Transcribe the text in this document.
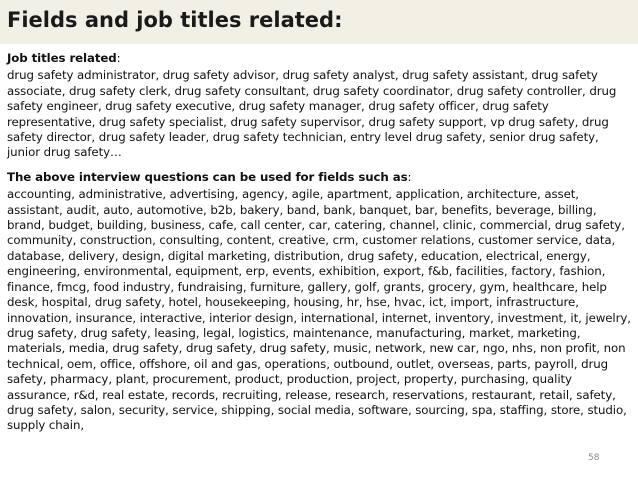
Fields and job titles related:
Job titles related:
drug safety administrator, drug safety advisor, drug safety analyst, drug safety assistant, drug safety associate, drug safety clerk, drug safety consultant, drug safety coordinator, drug safety controller, drug safety engineer, drug safety executive, drug safety manager, drug safety officer, drug safety representative, drug safety specialist, drug safety supervisor, drug safety support, vp drug safety, drug safety director, drug safety leader, drug safety technician, entry level drug safety, senior drug safety, junior drug safety…
The above interview questions can be used for fields such as:
accounting, administrative, advertising, agency, agile, apartment, application, architecture, asset, assistant, audit, auto, automotive, b2b, bakery, band, bank, banquet, bar, benefits, beverage, billing, brand, budget, building, business, cafe, call center, car, catering, channel, clinic, commercial, drug safety, community, construction, consulting, content, creative, crm, customer relations, customer service, data, database, delivery, design, digital marketing, distribution, drug safety, education, electrical, energy, engineering, environmental, equipment, erp, events, exhibition, export, f&b, facilities, factory, fashion, finance, fmcg, food industry, fundraising, furniture, gallery, golf, grants, grocery, gym, healthcare, help desk, hospital, drug safety, hotel, housekeeping, housing, hr, hse, hvac, ict, import, infrastructure, innovation, insurance, interactive, interior design, international, internet, inventory, investment, it, jewelry, drug safety, drug safety, leasing, legal, logistics, maintenance, manufacturing, market, marketing, materials, media, drug safety, drug safety, drug safety, music, network, new car, ngo, nhs, non profit, non technical, oem, office, offshore, oil and gas, operations, outbound, outlet, overseas, parts, payroll, drug safety, pharmacy, plant, procurement, product, production, project, property, purchasing, quality assurance, r&d, real estate, records, recruiting, release, research, reservations, restaurant, retail, safety, drug safety, salon, security, service, shipping, social media, software, sourcing, spa, staffing, store, studio, supply chain,
58
